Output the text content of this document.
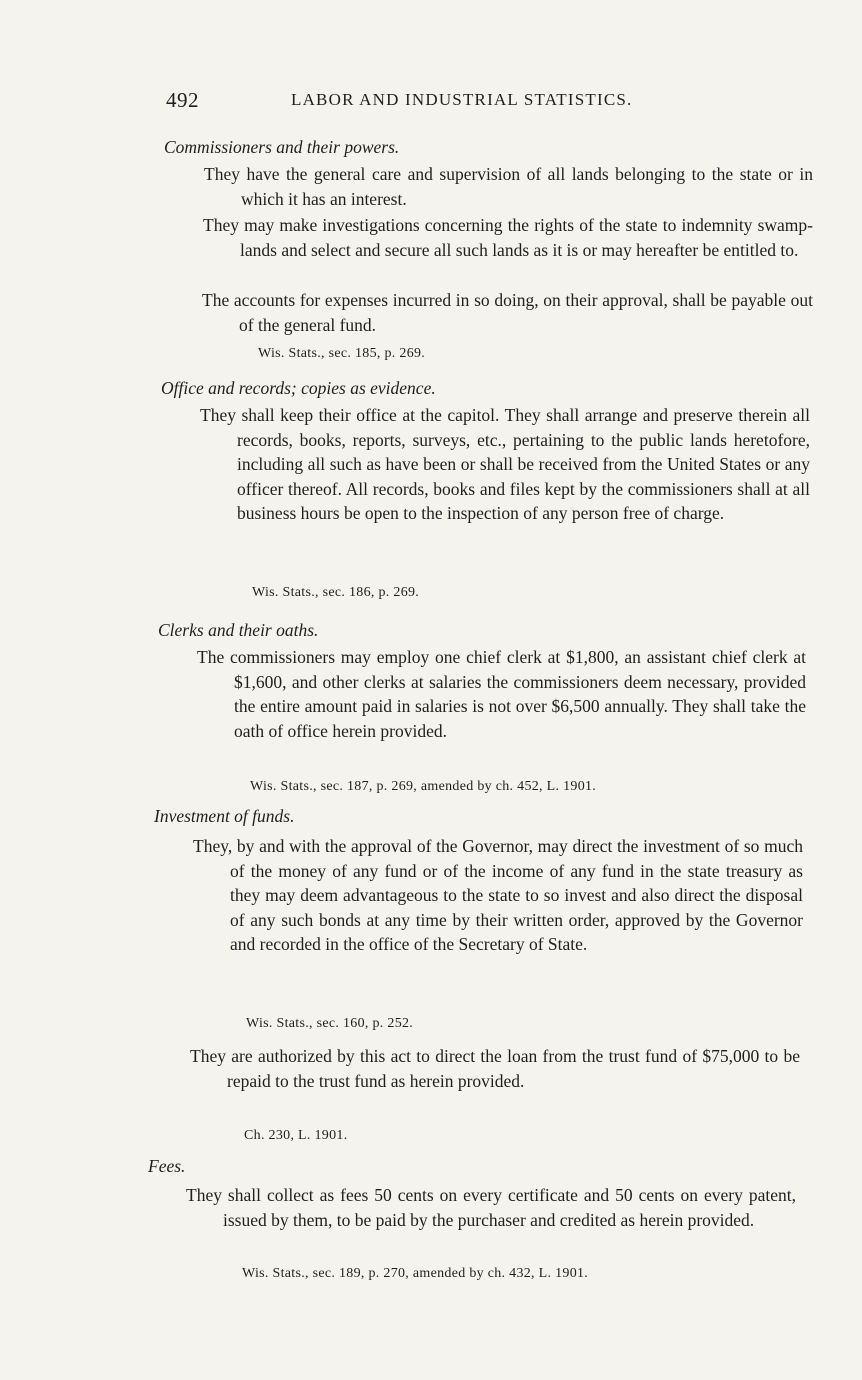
492	LABOR AND INDUSTRIAL STATISTICS.
Commissioners and their powers.
They have the general care and supervision of all lands belonging to the state or in which it has an interest.
They may make investigations concerning the rights of the state to indemnity swamp-lands and select and secure all such lands as it is or may hereafter be entitled to.
The accounts for expenses incurred in so doing, on their approval, shall be payable out of the general fund.
Wis. Stats., sec. 185, p. 269.
Office and records; copies as evidence.
They shall keep their office at the capitol. They shall arrange and preserve therein all records, books, reports, surveys, etc., pertaining to the public lands heretofore, including all such as have been or shall be received from the United States or any officer thereof. All records, books and files kept by the commissioners shall at all business hours be open to the inspection of any person free of charge.
Wis. Stats., sec. 186, p. 269.
Clerks and their oaths.
The commissioners may employ one chief clerk at $1,800, an assistant chief clerk at $1,600, and other clerks at salaries the commissioners deem necessary, provided the entire amount paid in salaries is not over $6,500 annually. They shall take the oath of office herein provided.
Wis. Stats., sec. 187, p. 269, amended by ch. 452, L. 1901.
Investment of funds.
They, by and with the approval of the Governor, may direct the investment of so much of the money of any fund or of the income of any fund in the state treasury as they may deem advantageous to the state to so invest and also direct the disposal of any such bonds at any time by their written order, approved by the Governor and recorded in the office of the Secretary of State.
Wis. Stats., sec. 160, p. 252.
They are authorized by this act to direct the loan from the trust fund of $75,000 to be repaid to the trust fund as herein provided.
Ch. 230, L. 1901.
Fees.
They shall collect as fees 50 cents on every certificate and 50 cents on every patent, issued by them, to be paid by the purchaser and credited as herein provided.
Wis. Stats., sec. 189, p. 270, amended by ch. 432, L. 1901.
